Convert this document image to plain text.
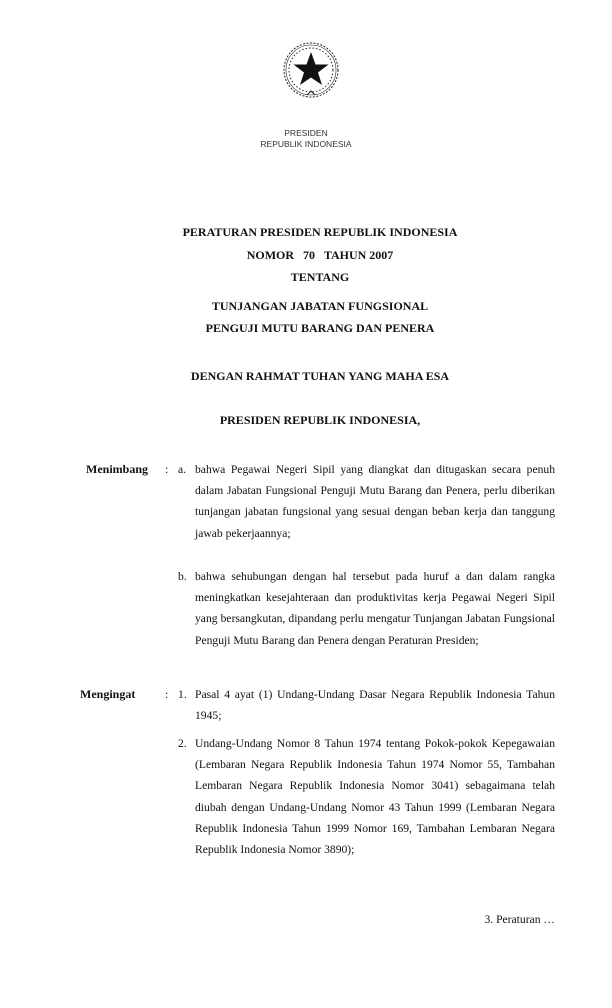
PRESIDEN
REPUBLIK INDONESIA
PERATURAN PRESIDEN REPUBLIK INDONESIA
NOMOR   70   TAHUN 2007
TENTANG
TUNJANGAN JABATAN FUNGSIONAL
PENGUJI MUTU BARANG DAN PENERA
DENGAN RAHMAT TUHAN YANG MAHA ESA
PRESIDEN REPUBLIK INDONESIA,
Menimbang : a. bahwa Pegawai Negeri Sipil yang diangkat dan ditugaskan secara penuh dalam Jabatan Fungsional Penguji Mutu Barang dan Penera, perlu diberikan tunjangan jabatan fungsional yang sesuai dengan beban kerja dan tanggung jawab pekerjaannya;
b. bahwa sehubungan dengan hal tersebut pada huruf a dan dalam rangka meningkatkan kesejahteraan dan produktivitas kerja Pegawai Negeri Sipil yang bersangkutan, dipandang perlu mengatur Tunjangan Jabatan Fungsional Penguji Mutu Barang dan Penera dengan Peraturan Presiden;
Mengingat : 1. Pasal 4 ayat (1) Undang-Undang Dasar Negara Republik Indonesia Tahun 1945;
2. Undang-Undang Nomor 8 Tahun 1974 tentang Pokok-pokok Kepegawaian (Lembaran Negara Republik Indonesia Tahun 1974 Nomor 55, Tambahan Lembaran Negara Republik Indonesia Nomor 3041) sebagaimana telah diubah dengan Undang-Undang Nomor 43 Tahun 1999 (Lembaran Negara Republik Indonesia Tahun 1999 Nomor 169, Tambahan Lembaran Negara Republik Indonesia Nomor 3890);
3. Peraturan …
